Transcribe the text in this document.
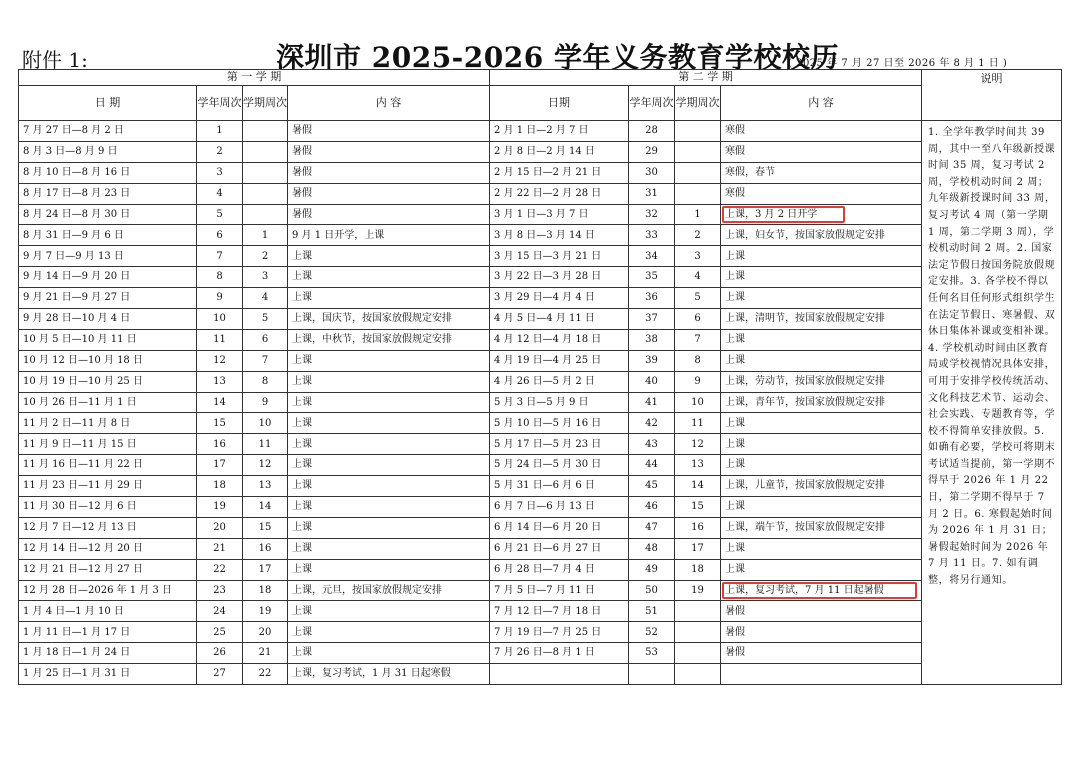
附件 1:	深圳市 2025-2026 学年义务教育学校校历
( 2025 年 7 月 27 日至 2026 年 8 月 1 日 )
第 一 学 期				第 二 学 期				说明
日 期	学年周次	学期周次	内 容	日期	学年周次	学期周次	内 容	
7 月 27 日—8 月 2 日	1		暑假	2 月 1 日—2 月 7 日	28		寒假	1. 全学年教学时间共 39 周，其中一至八年级新授课时间 35 周，复习考试 2 周，学校机动时间 2 周；九年级新授课时间 33 周，复习考试 4 周（第一学期 1 周，第二学期 3 周），学校机动时间 2 周。2. 国家法定节假日按国务院放假规定安排。3. 各学校不得以任何名目任何形式组织学生在法定节假日、寒暑假、双休日集体补课或变相补课。4. 学校机动时间由区教育局或学校视情况具体安排，可用于安排学校传统活动、文化科技艺术节、运动会、社会实践、专题教育等，学校不得简单安排放假。5. 如确有必要，学校可将期末考试适当提前，第一学期不得早于 2026 年 1 月 22 日，第二学期不得早于 7 月 2 日。6. 寒假起始时间为 2026 年 1 月 31 日；暑假起始时间为 2026 年 7 月 11 日。7. 如有调整，将另行通知。
8 月 3 日—8 月 9 日	2		暑假	2 月 8 日—2 月 14 日	29		寒假	
8 月 10 日—8 月 16 日	3		暑假	2 月 15 日—2 月 21 日	30		寒假，春节	
8 月 17 日—8 月 23 日	4		暑假	2 月 22 日—2 月 28 日	31		寒假	
8 月 24 日—8 月 30 日	5		暑假	3 月 1 日—3 月 7 日	32	1	上课，3 月 2 日开学	
8 月 31 日—9 月 6 日	6	1	9 月 1 日开学，上课	3 月 8 日—3 月 14 日	33	2	上课，妇女节，按国家放假规定安排	
9 月 7 日—9 月 13 日	7	2	上课	3 月 15 日—3 月 21 日	34	3	上课	
9 月 14 日—9 月 20 日	8	3	上课	3 月 22 日—3 月 28 日	35	4	上课	
9 月 21 日—9 月 27 日	9	4	上课	3 月 29 日—4 月 4 日	36	5	上课	
9 月 28 日—10 月 4 日	10	5	上课，国庆节，按国家放假规定安排	4 月 5 日—4 月 11 日	37	6	上课，清明节，按国家放假规定安排	
10 月 5 日—10 月 11 日	11	6	上课，中秋节，按国家放假规定安排	4 月 12 日—4 月 18 日	38	7	上课	
10 月 12 日—10 月 18 日	12	7	上课	4 月 19 日—4 月 25 日	39	8	上课	
10 月 19 日—10 月 25 日	13	8	上课	4 月 26 日—5 月 2 日	40	9	上课，劳动节，按国家放假规定安排	
10 月 26 日—11 月 1 日	14	9	上课	5 月 3 日—5 月 9 日	41	10	上课，青年节，按国家放假规定安排	
11 月 2 日—11 月 8 日	15	10	上课	5 月 10 日—5 月 16 日	42	11	上课	
11 月 9 日—11 月 15 日	16	11	上课	5 月 17 日—5 月 23 日	43	12	上课	
11 月 16 日—11 月 22 日	17	12	上课	5 月 24 日—5 月 30 日	44	13	上课	
11 月 23 日—11 月 29 日	18	13	上课	5 月 31 日—6 月 6 日	45	14	上课，儿童节，按国家放假规定安排	
11 月 30 日—12 月 6 日	19	14	上课	6 月 7 日—6 月 13 日	46	15	上课	
12 月 7 日—12 月 13 日	20	15	上课	6 月 14 日—6 月 20 日	47	16	上课，端午节，按国家放假规定安排	
12 月 14 日—12 月 20 日	21	16	上课	6 月 21 日—6 月 27 日	48	17	上课	
12 月 21 日—12 月 27 日	22	17	上课	6 月 28 日—7 月 4 日	49	18	上课	
12 月 28 日—2026 年 1 月 3 日	23	18	上课，元旦，按国家放假规定安排	7 月 5 日—7 月 11 日	50	19	上课，复习考试，7 月 11 日起暑假	
1 月 4 日—1 月 10 日	24	19	上课	7 月 12 日—7 月 18 日	51		暑假	
1 月 11 日—1 月 17 日	25	20	上课	7 月 19 日—7 月 25 日	52		暑假	
1 月 18 日—1 月 24 日	26	21	上课	7 月 26 日—8 月 1 日	53		暑假	
1 月 25 日—1 月 31 日	27	22	上课，复习考试，1 月 31 日起寒假					
